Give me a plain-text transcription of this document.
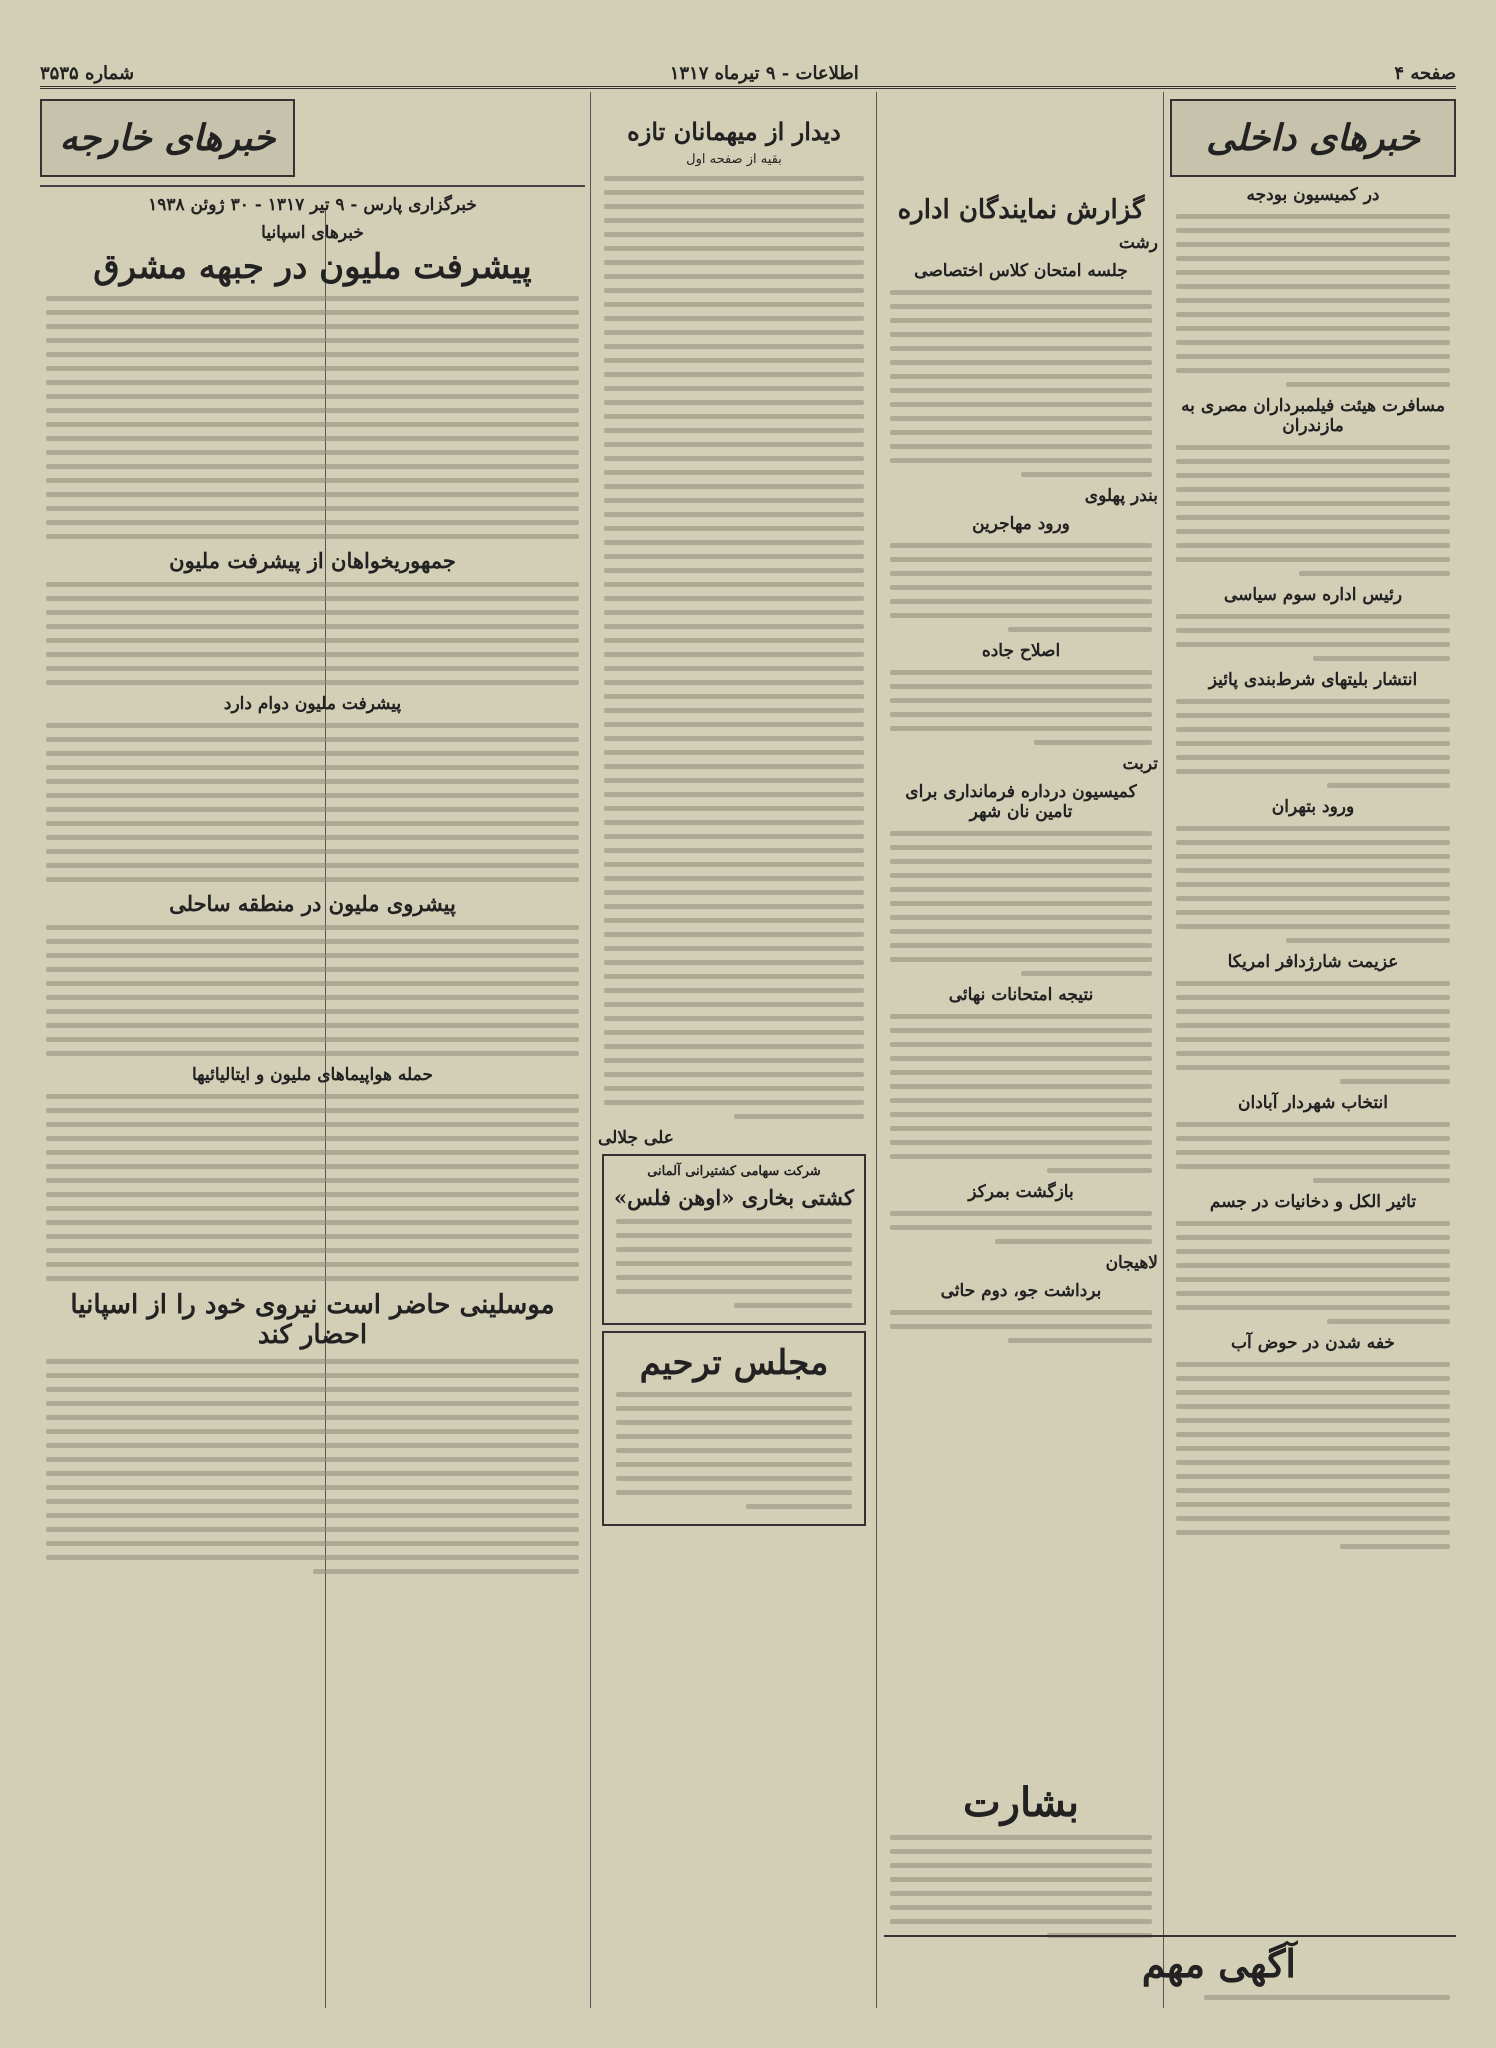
صفحه ۴
اطلاعات - ۹ تیرماه ۱۳۱۷
شماره ۳۵۳۵
خبرهای داخلی
در کمیسیون بودجه
مسافرت هیئت فیلمبرداران مصری به مازندران
رئیس اداره سوم سیاسی
انتشار بلیتهای شرط‌بندی پائیز
ورود بتهران
عزیمت شارژدافر امریکا
انتخاب شهردار آبادان
تاثیر الکل و دخانیات در جسم
خفه شدن در حوض آب
گزارش نمایندگان اداره
رشت
جلسه امتحان کلاس اختصاصی
بندر پهلوی
ورود مهاجرین
اصلاح جاده
تربت
کمیسیون درداره فرمانداری برای تامین نان شهر
نتیجه امتحانات نهائی
بازگشت بمرکز
لاهیجان
برداشت جو، دوم حاثی
بشارت
دیدار از میهمانان تازه
بقیه از صفحه اول
علی جلالی
شرکت سهامی کشتیرانی آلمانی
کشتی بخاری «اوهن فلس»
مجلس ترحیم
خبرهای خارجه
خبرگزاری پارس - ۹ تیر ۱۳۱۷ - ۳۰ ژوئن ۱۹۳۸
خبرهای اسپانیا
پیشرفت ملیون در جبهه مشرق
جمهوریخواهان از پیشرفت ملیون
پیشرفت ملیون دوام دارد
پیشروی ملیون در منطقه ساحلی
حمله هواپیماهای ملیون و ایتالیائیها
موسلینی حاضر است نیروی خود را از اسپانیا احضار کند
آگهی مهم
